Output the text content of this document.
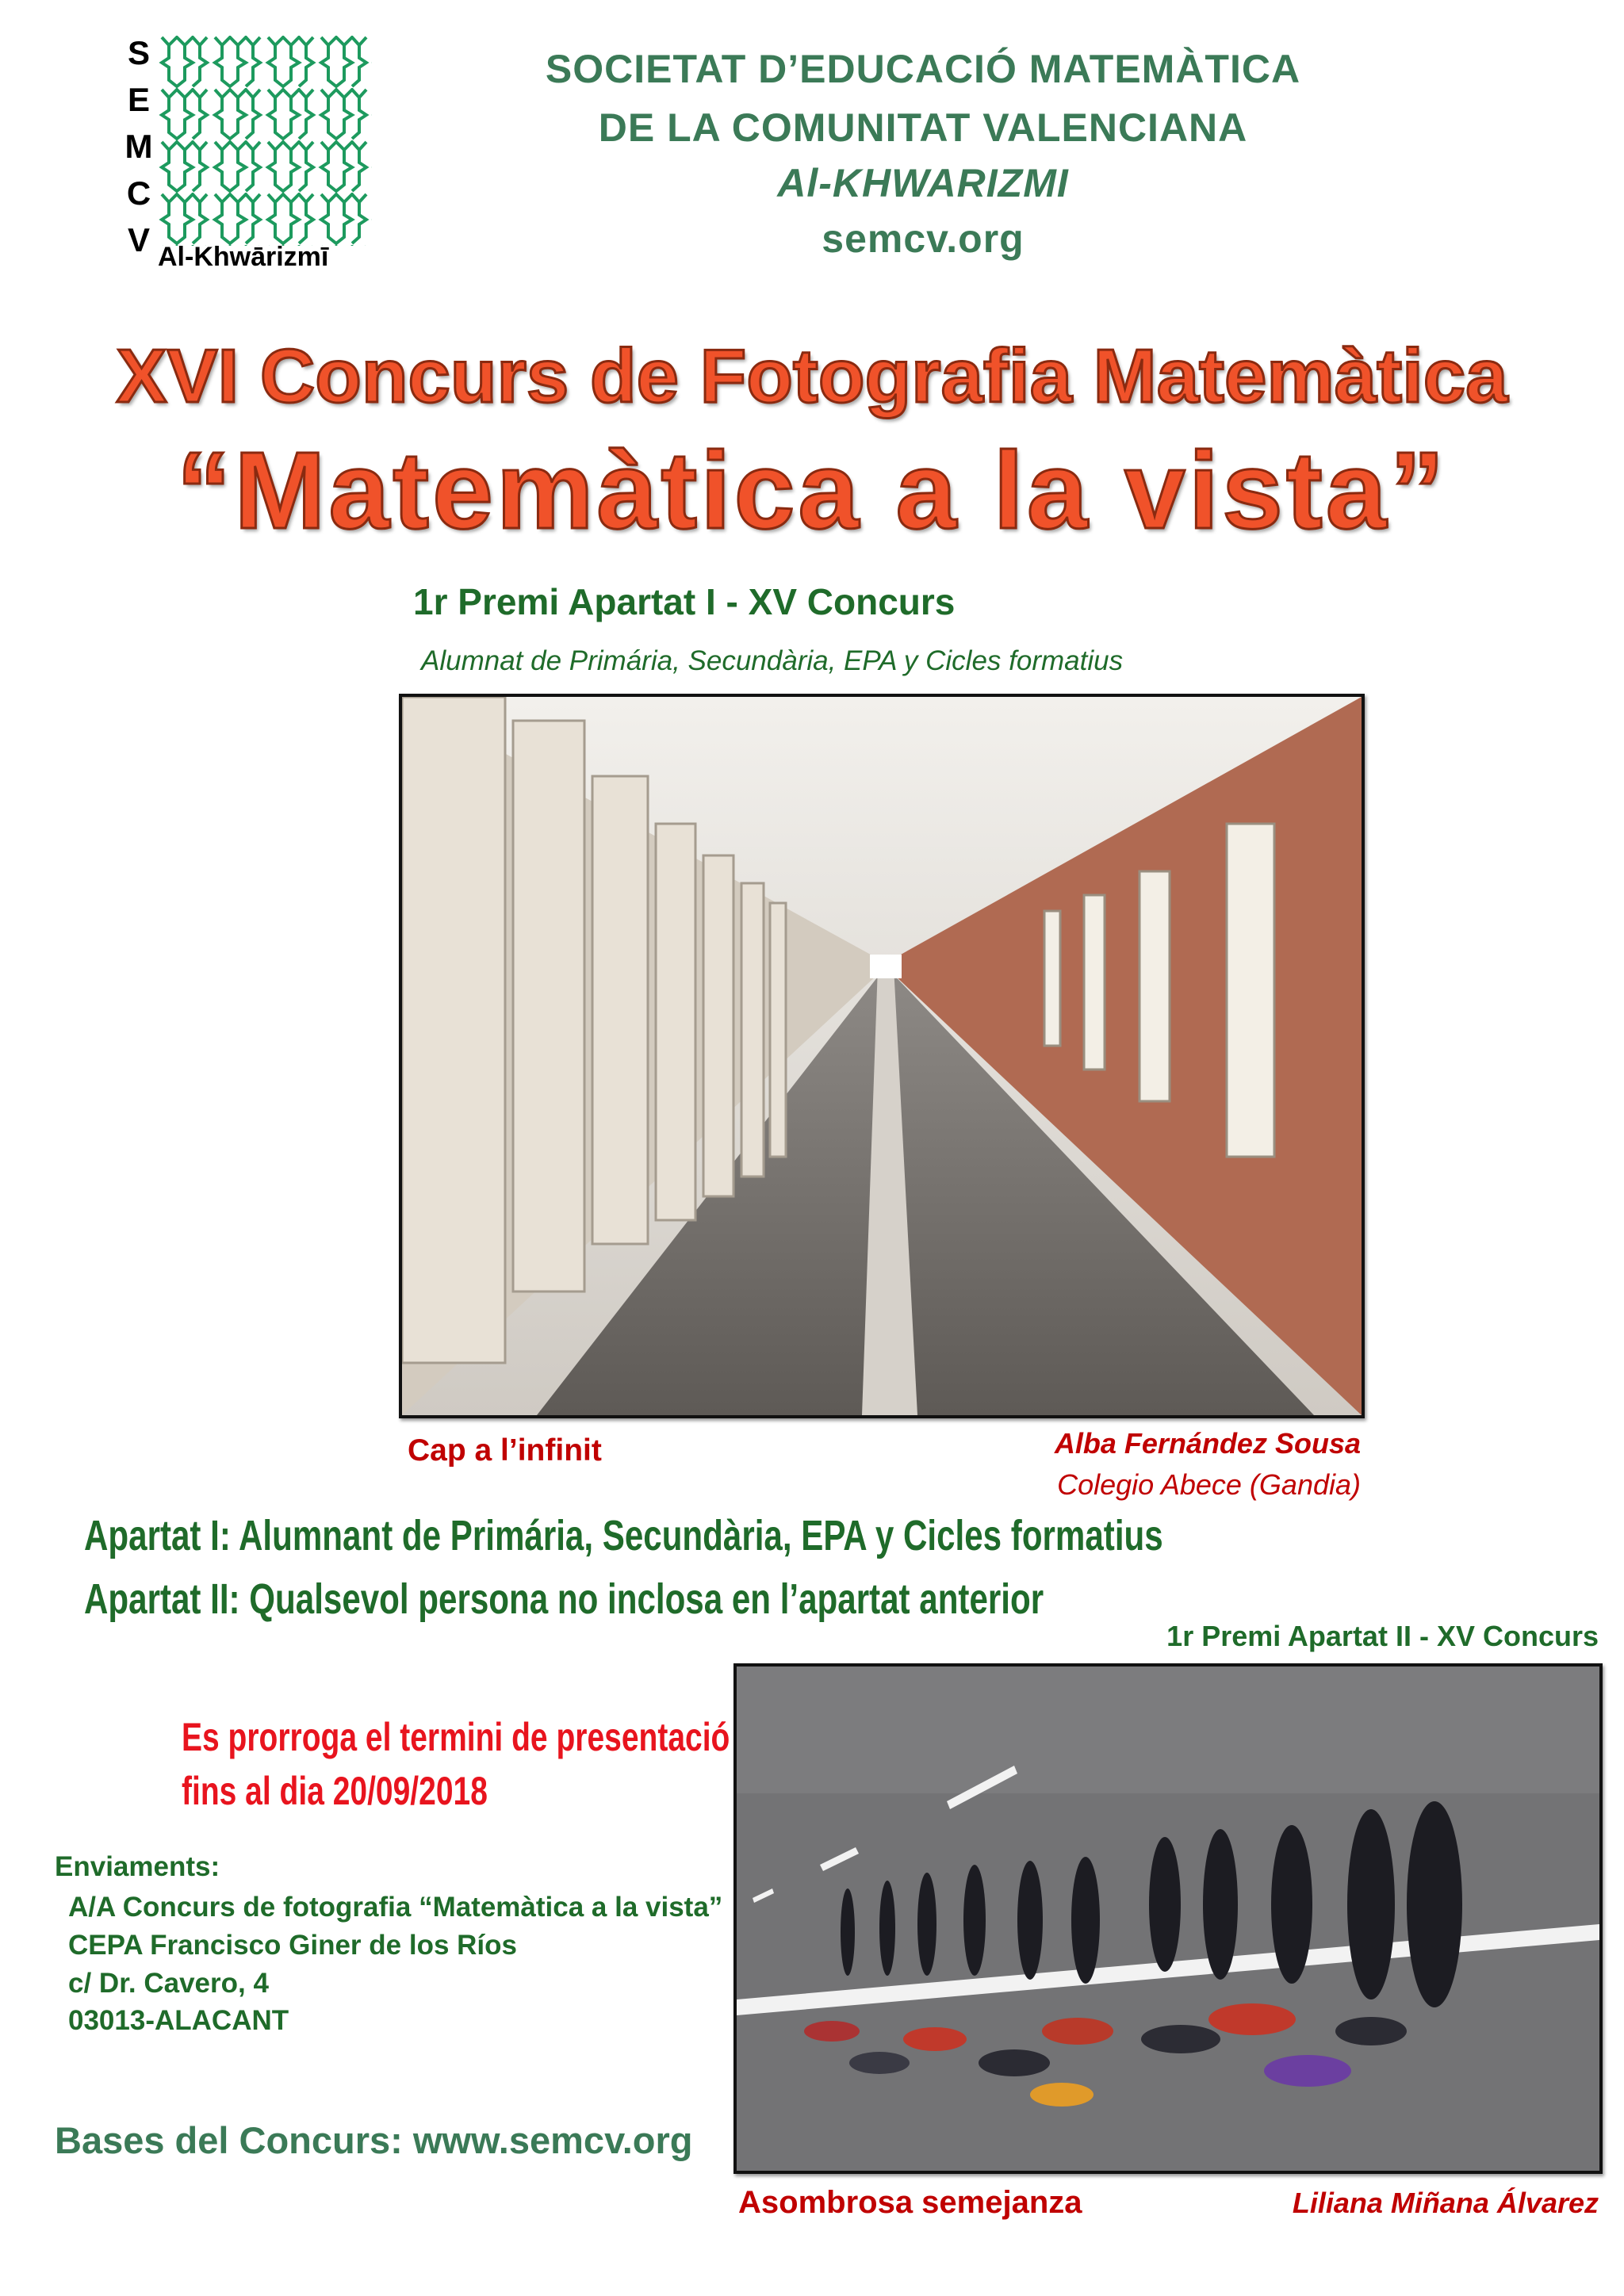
S
E
M
C
V Al-Khwārizmī
SOCIETAT D’EDUCACIÓ MATEMÀTICA
DE LA COMUNITAT VALENCIANA
Al-KHWARIZMI
semcv.org
XVI Concurs de Fotografia Matemàtica
“Matemàtica a la vista”
1r Premi Apartat I - XV Concurs
Alumnat de Primária, Secundària, EPA y Cicles formatius
Cap a l’infinit	Alba Fernández Sousa
Colegio Abece (Gandia)
Apartat I: Alumnant de Primária, Secundària, EPA y Cicles formatius
Apartat II: Qualsevol persona no inclosa en l’apartat anterior
1r Premi Apartat II - XV Concurs
Asombrosa semejanza	Liliana Miñana Álvarez
Es prorroga el termini de presentació
fins al dia 20/09/2018
Enviaments:
A/A Concurs de fotografia “Matemàtica a la vista”
CEPA Francisco Giner de los Ríos
c/ Dr. Cavero, 4
03013-ALACANT
Bases del Concurs: www.semcv.org
